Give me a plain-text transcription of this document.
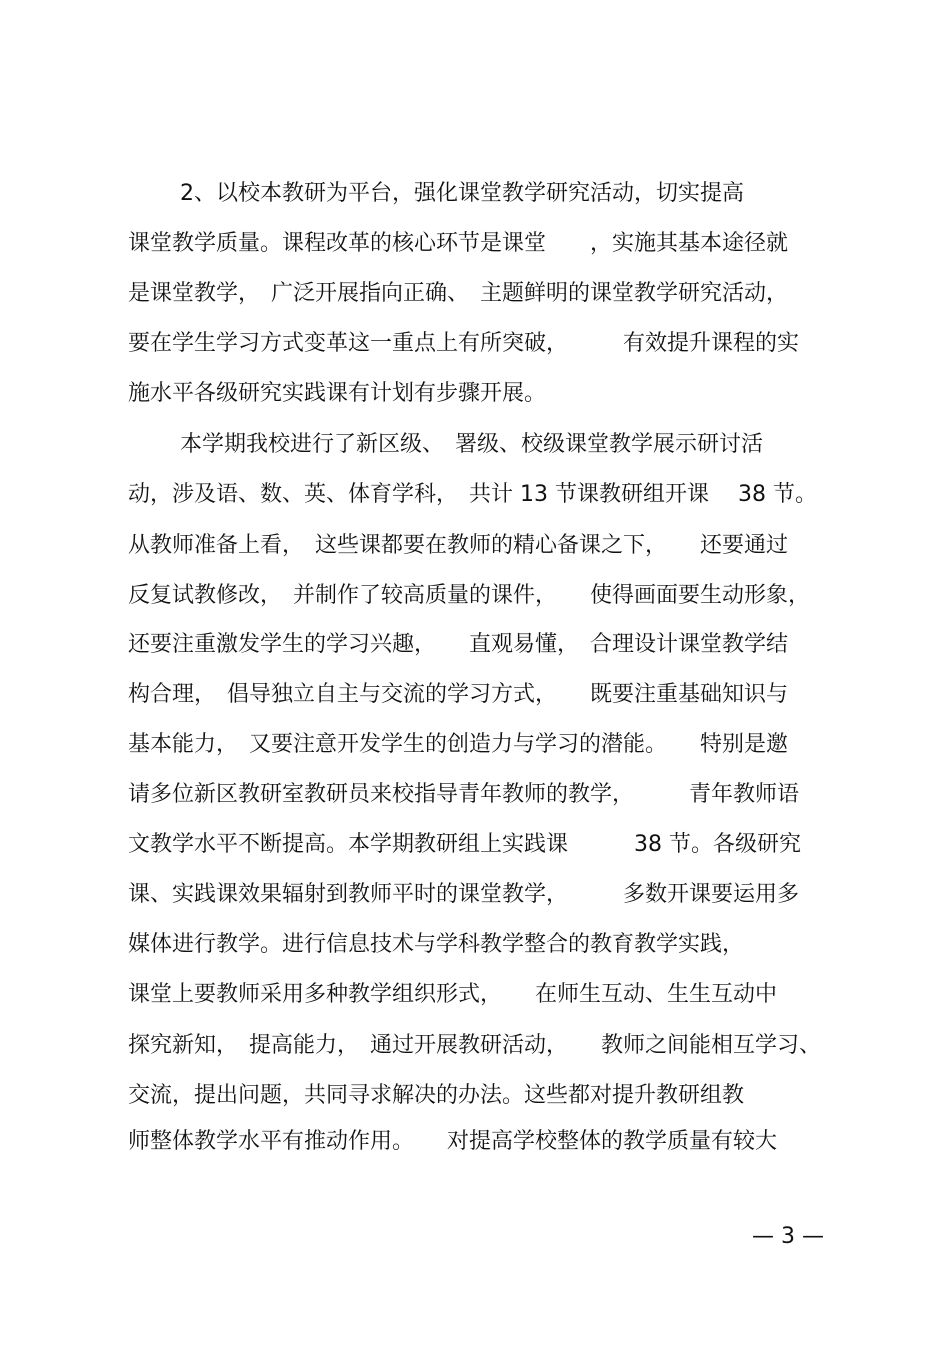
2、以校本教研为平台，强化课堂教学研究活动，切实提高
课堂教学质量。课程改革的核心环节是课堂　　，实施其基本途径就
是课堂教学，　广泛开展指向正确、　主题鲜明的课堂教学研究活动，
要在学生学习方式变革这一重点上有所突破，　　　有效提升课程的实
施水平各级研究实践课有计划有步骤开展。
本学期我校进行了新区级、　署级、校级课堂教学展示研讨活
动，涉及语、数、英、体育学科，　共计 13 节课教研组开课　 38 节。
从教师准备上看，　这些课都要在教师的精心备课之下，　　还要通过
反复试教修改，　并制作了较高质量的课件，　　使得画面要生动形象，
还要注重激发学生的学习兴趣，　　直观易懂，　合理设计课堂教学结
构合理，　倡导独立自主与交流的学习方式，　　既要注重基础知识与
基本能力，　又要注意开发学生的创造力与学习的潜能。　　特别是邀
请多位新区教研室教研员来校指导青年教师的教学，　　　青年教师语
文教学水平不断提高。本学期教研组上实践课　　　38 节。各级研究
课、实践课效果辐射到教师平时的课堂教学，　　　多数开课要运用多
媒体进行教学。进行信息技术与学科教学整合的教育教学实践，
课堂上要教师采用多种教学组织形式，　　在师生互动、生生互动中
探究新知，　提高能力，　通过开展教研活动，　　教师之间能相互学习、
交流，提出问题，共同寻求解决的办法。这些都对提升教研组教
师整体教学水平有推动作用。　　对提高学校整体的教学质量有较大
— 3 —
